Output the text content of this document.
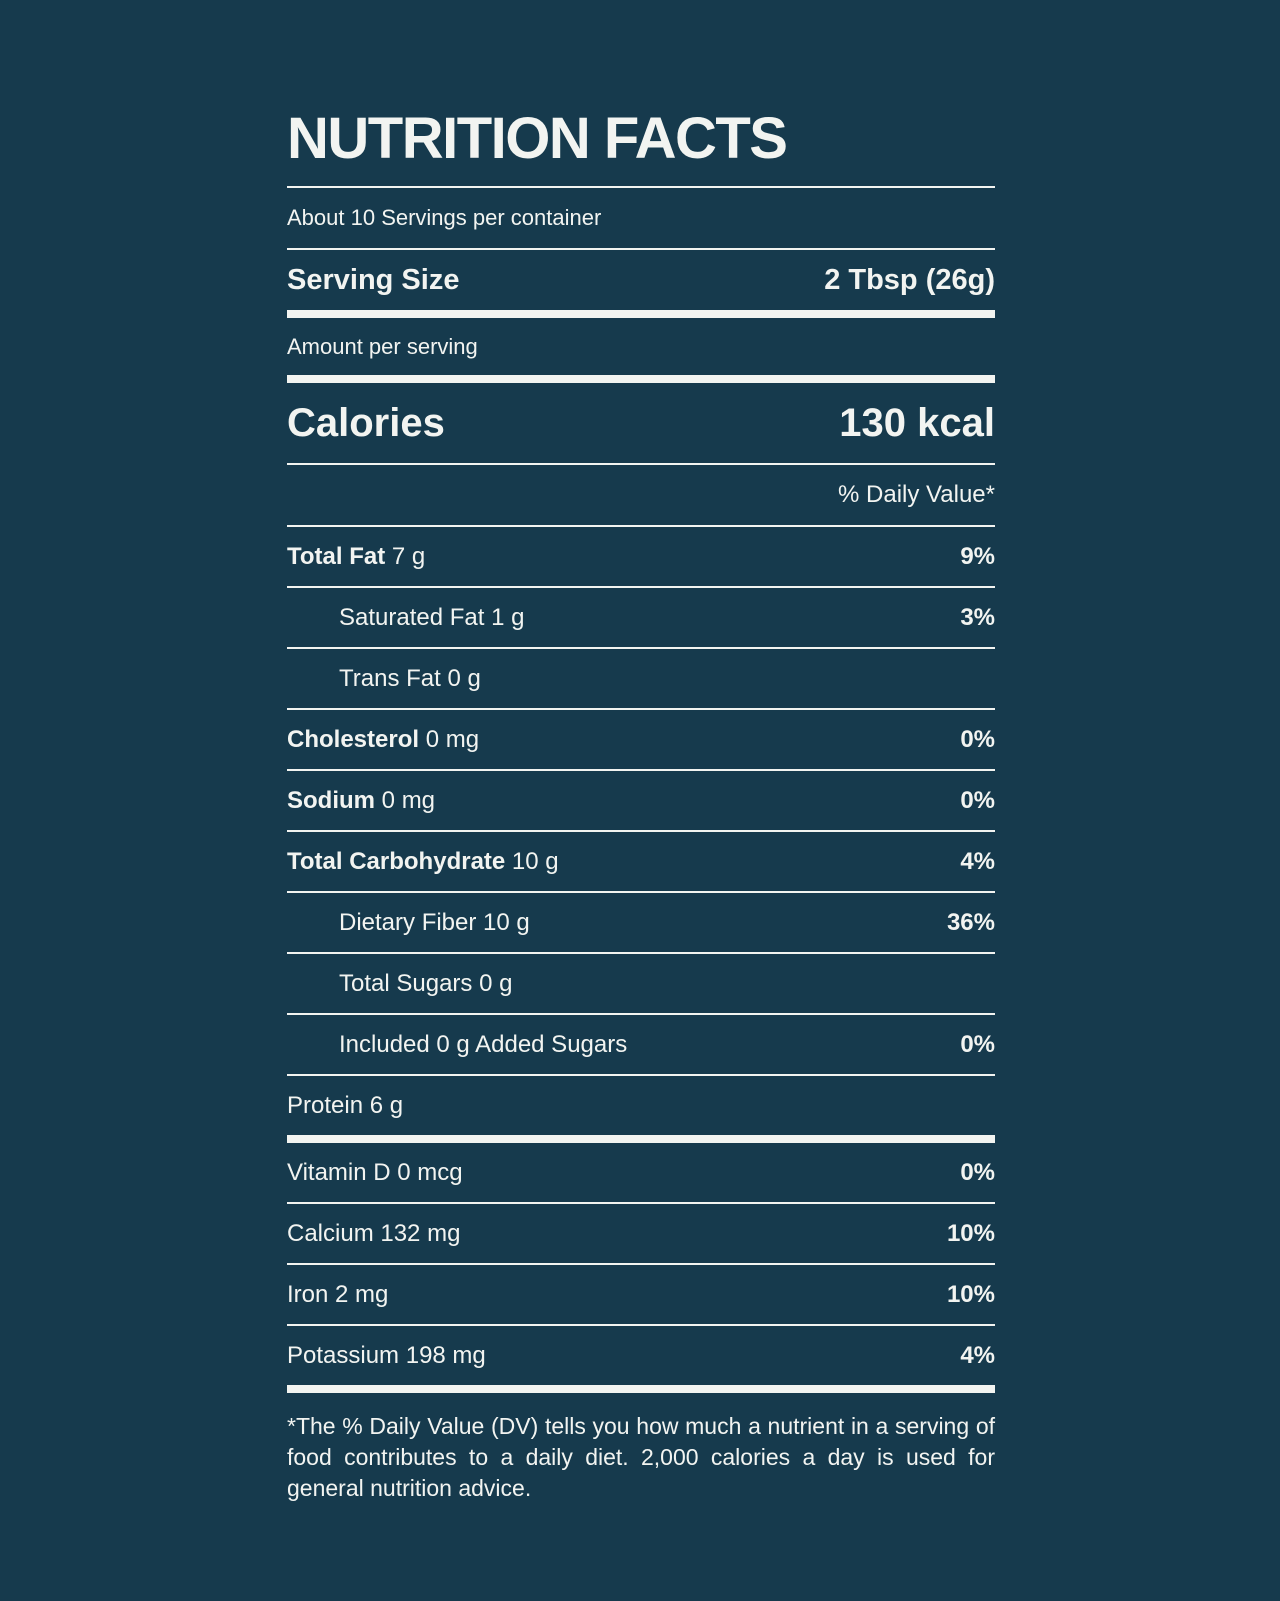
NUTRITION FACTS
About 10 Servings per container
Serving Size	2 Tbsp (26g)
Amount per serving
Calories	130 kcal
% Daily Value*
Total Fat 7 g	9%
Saturated Fat 1 g	3%
Trans Fat 0 g
Cholesterol 0 mg	0%
Sodium 0 mg	0%
Total Carbohydrate 10 g	4%
Dietary Fiber 10 g	36%
Total Sugars 0 g
Included 0 g Added Sugars	0%
Protein 6 g
Vitamin D 0 mcg	0%
Calcium 132 mg	10%
Iron 2 mg	10%
Potassium 198 mg	4%
*The % Daily Value (DV) tells you how much a nutrient in a serving of food contributes to a daily diet. 2,000 calories a day is used for general nutrition advice.
